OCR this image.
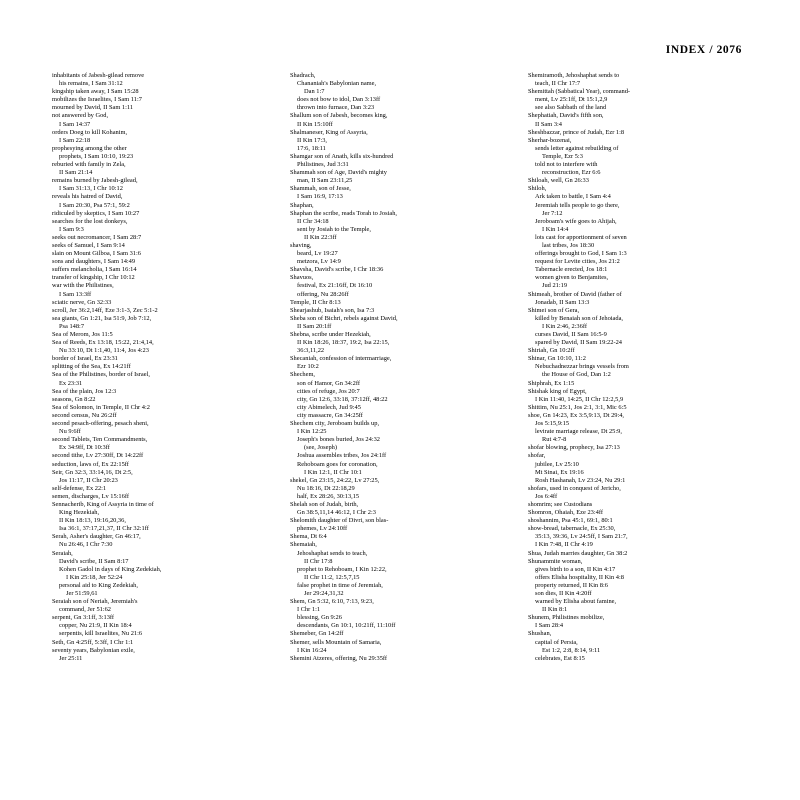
INDEX / 2076
inhabitants of Jabesh-gilead remove
his remains, I Sam 31:12
kingship taken away, I Sam 15:28
mobilizes the Israelites, I Sam 11:7
mourned by David, II Sam 1:11
not answered by God,
I Sam 14:37
orders Doeg to kill Kohanim,
I Sam 22:18
prophesying among the other
prophets, I Sam 10:10, 19:23
reburied with family in Zela,
II Sam 21:14
remains burned by Jabesh-gilead,
I Sam 31:13, I Chr 10:12
reveals his hatred of David,
I Sam 20:30, Psa 57:1, 59:2
ridiculed by skeptics, I Sam 10:27
searches for the lost donkeys,
I Sam 9:3
seeks out necromancer, I Sam 28:7
seeks of Samuel, I Sam 9:14
slain on Mount Gilboa, I Sam 31:6
sons and daughters, I Sam 14:49
suffers melancholia, I Sam 16:14
transfer of kingship, I Chr 10:12
war with the Philistines,
I Sam 13:3ff
sciatic nerve, Gn 32:33
scroll, Jer 36:2,14ff, Eze 3:1-3, Zec 5:1-2
sea giants, Gn 1:21, Isa 51:9, Job 7:12,
Psa 148:7
Sea of Merom, Jos 11:5
Sea of Reeds, Ex 13:18, 15:22, 21:4,14,
Nu 33:10, Dt 1:1,40, 11:4, Jos 4:23
border of Israel, Ex 23:31
splitting of the Sea, Ex 14:21ff
Sea of the Philistines, border of Israel,
Ex 23:31
Sea of the plain, Jos 12:3
seasons, Gn 8:22
Sea of Solomon, in Temple, II Chr 4:2
second census, Nu 26:2ff
second pesach-offering, pesach sheni,
Nu 9:6ff
second Tablets, Ten Commandments,
Ex 34:9ff, Dt 10:3ff
second tithe, Lv 27:30ff, Dt 14:22ff
seduction, laws of, Ex 22:15ff
Seir, Gn 32:3, 33:14,16, Dt 2:5,
Jos 11:17, II Chr 20:23
self-defense, Ex 22:1
semen, discharges, Lv 15:16ff
Sennacherib, King of Assyria in time of
King Hezekiah,
II Kin 18:13, 19:16,20,36,
Isa 36:1, 37:17,21,37, II Chr 32:1ff
Serah, Asher's daughter, Gn 46:17,
Nu 26:46, I Chr 7:30
Seraiah,
David's scribe, II Sam 8:17
Kohen Gadol in days of King Zedekiah,
I Kin 25:18, Jer 52:24
personal aid to King Zedekiah,
Jer 51:59,61
Seraiah son of Neriah, Jeremiah's
command, Jer 51:62
serpent, Gn 3:1ff, 3:13ff
copper, Nu 21:9, II Kin 18:4
serpentis, kill Israelites, Nu 21:6
Seth, Gn 4:25ff, 5:3ff, I Chr 1:1
seventy years, Babylonian exile,
Jer 25:11
Shadrach,
Chananiah's Babylonian name,
Dan 1:7
does not bow to idol, Dan 3:13ff
thrown into furnace, Dan 3:23
Shallum son of Jabesh, becomes king,
II Kin 15:10ff
Shalmaneser, King of Assyria,
II Kin 17:3,
17:6, 18:11
Shamgar son of Anath, kills six-hundred
Philistines, Jud 3:31
Shammah son of Age, David's mighty
man, II Sam 23:11,25
Shammah, son of Jesse,
I Sam 16:9, 17:13
Shaphan,
Shaphan the scribe, reads Torah to Josiah,
II Chr 34:18
sent by Josiah to the Temple,
II Kin 22:3ff
shaving,
beard, Lv 19:27
metzora, Lv 14:9
Shavsha, David's scribe, I Chr 18:36
Shavuos,
festival, Ex 21:16ff, Dt 16:10
offering, Nu 28:26ff
Temple, II Chr 8:13
Shearjashub, Isaiah's son, Isa 7:3
Sheba son of Bichri, rebels against David,
II Sam 20:1ff
Shebna, scribe under Hezekiah,
II Kin 18:26, 18:37, 19:2, Isa 22:15,
36:3,11,22
Shecaniah, confession of intermarriage,
Ezr 10:2
Shechem,
son of Hamor, Gn 34:2ff
cities of refuge, Jos 20:7
city, Gn 12:6, 33:18, 37:12ff, 48:22
city Abimelech, Jud 9:45
city massacre, Gn 34:25ff
Shechem city, Jeroboam builds up,
I Kin 12:25
Joseph's bones buried, Jos 24:32
(see, Joseph)
Joshua assembles tribes, Jos 24:1ff
Rehoboam goes for coronation,
I Kin 12:1, II Chr 10:1
shekel, Gn 23:15, 24:22, Lv 27:25,
Nu 18:16, Dt 22:18,29
half, Ex 28:26, 30:13,15
Shelah son of Judah, birth,
Gn 38:5,11,14 46:12, I Chr 2:3
Shelomith daughter of Divri, son blas-
phemes, Lv 24:10ff
Shema, Dt 6:4
Shemaiah,
Jehoshaphat sends to teach,
II Chr 17:8
prophet to Rehoboam, I Kin 12:22,
II Chr 11:2, 12:5,7,15
false prophet in time of Jeremiah,
Jer 29:24,31,32
Shem, Gn 5:32, 6:10, 7:13, 9:23,
I Chr 1:1
blessing, Gn 9:26
descendants, Gn 10:1, 10:21ff, 11:10ff
Shemeber, Gn 14:2ff
Shemer, sells Mountain of Samaria,
I Kin 16:24
Shemini Atzeres, offering, Nu 29:35ff
Shemiramoth, Jehoshaphat sends to
teach, II Chr 17:7
Shemittah (Sabbatical Year), command-
ment, Lv 25:1ff, Dt 15:1,2,9
see also Sabbath of the land
Shephatiah, David's fifth son,
II Sam 3:4
Sheshbazzar, prince of Judah, Ezr 1:8
Sherhar-bozenai,
sends letter against rebuilding of
Temple, Ezr 5:3
told not to interfere with
reconstruction, Ezr 6:6
Shiloah, well, Gn 26:33
Shiloh,
Ark taken to battle, I Sam 4:4
Jeremiah tells people to go there,
Jer 7:12
Jeroboam's wife goes to Ahijah,
I Kin 14:4
lots cast for apportionment of seven
last tribes, Jos 18:30
offerings brought to God, I Sam 1:3
request for Levite cities, Jos 21:2
Tabernacle erected, Jos 18:1
women given to Benjamites,
Jud 21:19
Shimeah, brother of David (father of
Jonadab, II Sam 13:3
Shimei son of Gera,
killed by Benaiah son of Jehoiada,
I Kin 2:46, 2:36ff
curses David, II Sam 16:5-9
spared by David, II Sam 19:22-24
Shiriah, Gn 10:2ff
Shinar, Gn 10:10, 11:2
Nebuchadnezzar brings vessels from
the House of God, Dan 1:2
Shiphrah, Ex 1:15
Shishak king of Egypt,
I Kin 11:40, 14:25, II Chr 12:2,5,9
Shittim, Nu 25:1, Jos 2:1, 3:1, Mic 6:5
shoe, Gn 14:23, Ex 3:5,9:13, Dt 29:4,
Jos 5:15,9:15
levirate marriage release, Dt 25:9,
Rut 4:7-8
shofar blowing, prophecy, Isa 27:13
shofar,
jubilee, Lv 25:10
Mt Sinai, Ex 19:16
Rosh Hashanah, Lv 23:24, Nu 29:1
shofars, used in conquest of Jericho,
Jos 6:4ff
shomrim; see Custodians
Shomron, Ohaiah, Eze 23:4ff
shoshannim, Psa 45:1, 69:1, 80:1
show-bread, tabernacle, Ex 25:30,
35:13, 39:36, Lv 24:5ff, I Sam 21:7,
I Kin 7:48, II Chr 4:19
Shua, Judah marries daughter, Gn 38:2
Shunammite woman,
gives birth to a son, II Kin 4:17
offers Elisha hospitality, II Kin 4:8
property returned, II Kin 8:6
son dies, II Kin 4:20ff
warned by Elisha about famine,
II Kin 8:1
Shunem, Philistines mobilize,
I Sam 28:4
Shushan,
capital of Persia,
Est 1:2, 2:8, 8:14, 9:11
celebrates, Est 8:15
